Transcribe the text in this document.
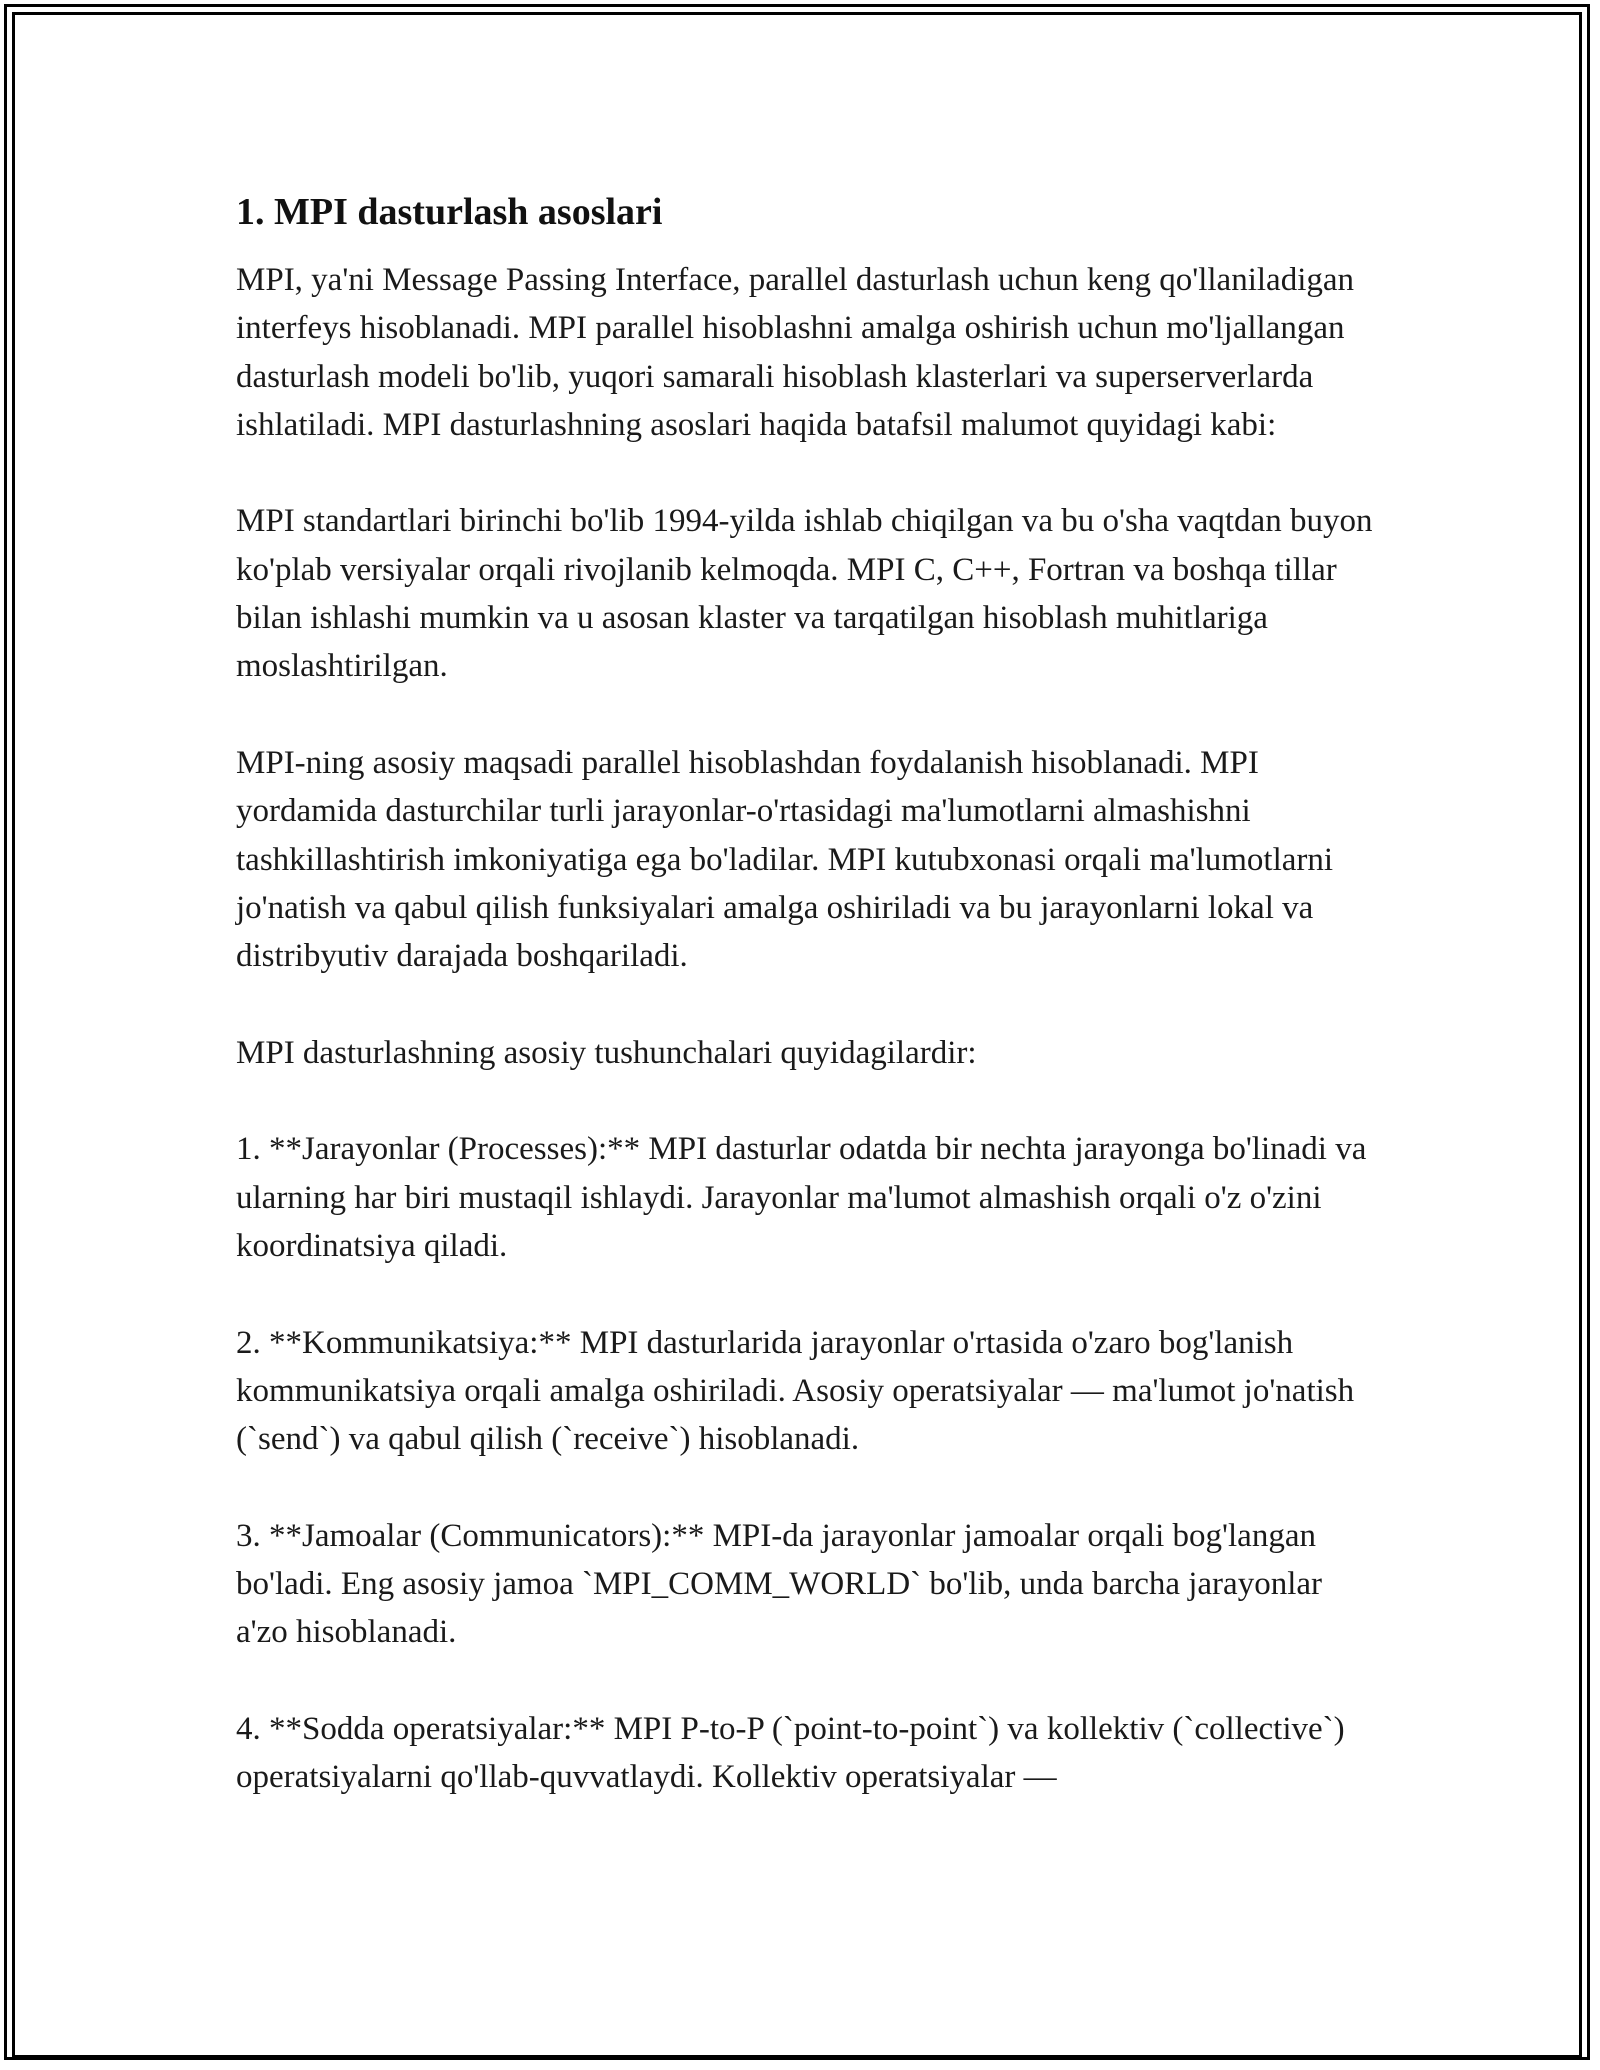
1. MPI dasturlash asoslari

MPI, ya'ni Message Passing Interface, parallel dasturlash uchun keng qo'llaniladigan interfeys hisoblanadi. MPI parallel hisoblashni amalga oshirish uchun mo'ljallangan dasturlash modeli bo'lib, yuqori samarali hisoblash klasterlari va superserverlarda ishlatiladi. MPI dasturlashning asoslari haqida batafsil malumot quyidagi kabi:

MPI standartlari birinchi bo'lib 1994-yilda ishlab chiqilgan va bu o'sha vaqtdan buyon ko'plab versiyalar orqali rivojlanib kelmoqda. MPI C, C++, Fortran va boshqa tillar bilan ishlashi mumkin va u asosan klaster va tarqatilgan hisoblash muhitlariga moslashtirilgan.

MPI-ning asosiy maqsadi parallel hisoblashdan foydalanish hisoblanadi. MPI yordamida dasturchilar turli jarayonlar-o'rtasidagi ma'lumotlarni almashishni tashkillashtirish imkoniyatiga ega bo'ladilar. MPI kutubxonasi orqali ma'lumotlarni jo'natish va qabul qilish funksiyalari amalga oshiriladi va bu jarayonlarni lokal va distribyutiv darajada boshqariladi.

MPI dasturlashning asosiy tushunchalari quyidagilardir:

1. **Jarayonlar (Processes):** MPI dasturlar odatda bir nechta jarayonga bo'linadi va ularning har biri mustaqil ishlaydi. Jarayonlar ma'lumot almashish orqali o'z o'zini koordinatsiya qiladi.

2. **Kommunikatsiya:** MPI dasturlarida jarayonlar o'rtasida o'zaro bog'lanish kommunikatsiya orqali amalga oshiriladi. Asosiy operatsiyalar — ma'lumot jo'natish (`send`) va qabul qilish (`receive`) hisoblanadi.

3. **Jamoalar (Communicators):** MPI-da jarayonlar jamoalar orqali bog'langan bo'ladi. Eng asosiy jamoa `MPI_COMM_WORLD` bo'lib, unda barcha jarayonlar a'zo hisoblanadi.

4. **Sodda operatsiyalar:** MPI P-to-P (`point-to-point`) va kollektiv (`collective`) operatsiyalarni qo'llab-quvvatlaydi. Kollektiv operatsiyalar —
